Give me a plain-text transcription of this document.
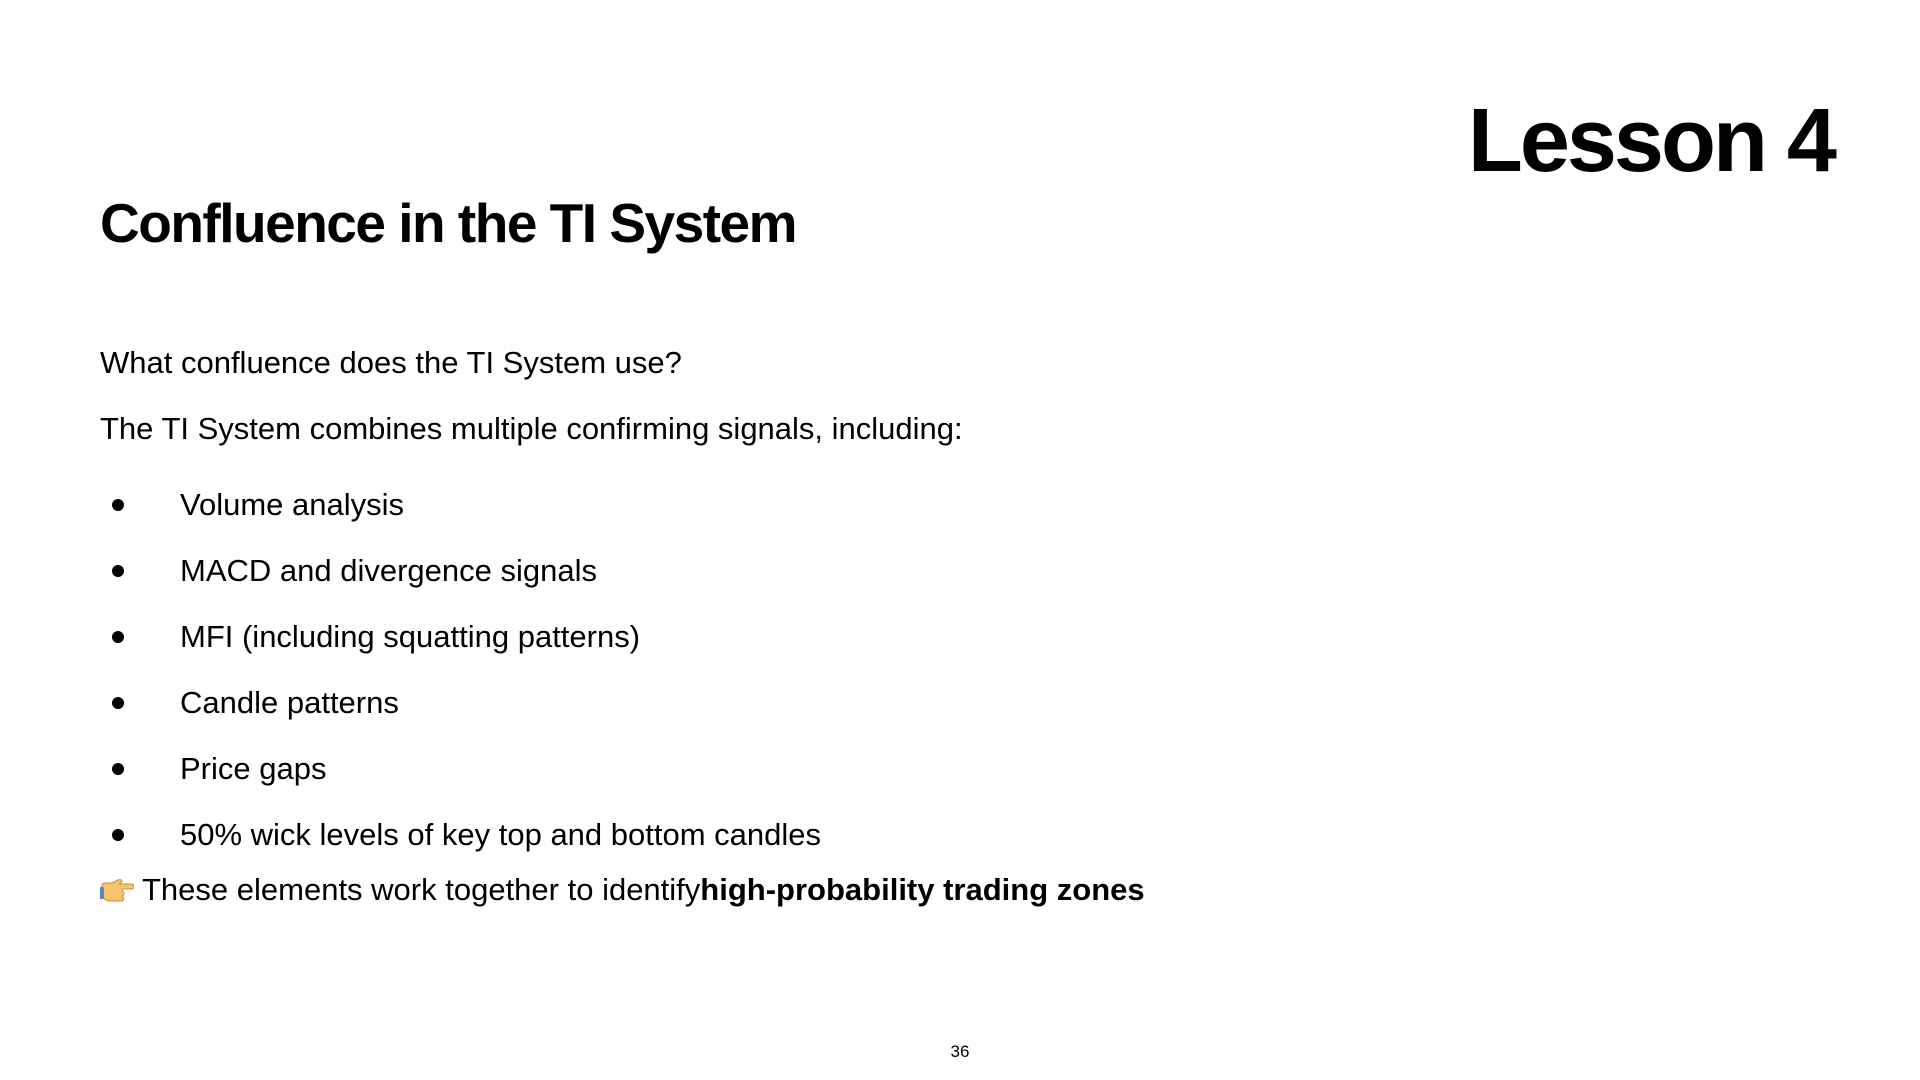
Lesson 4
Confluence in the TI System
What confluence does the TI System use?
The TI System combines multiple confirming signals, including:
Volume analysis
MACD and divergence signals
MFI (including squatting patterns)
Candle patterns
Price gaps
50% wick levels of key top and bottom candles
These elements work together to identify high-probability trading zones
36
